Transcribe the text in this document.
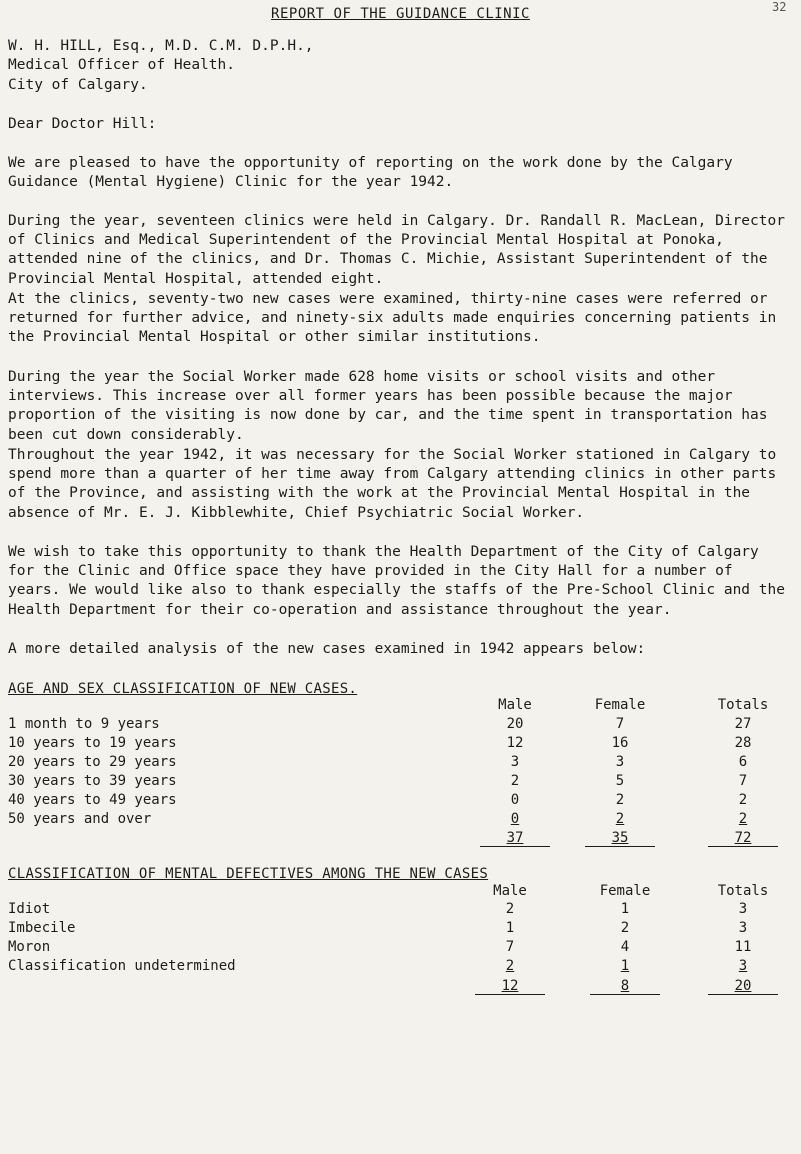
REPORT OF THE GUIDANCE CLINIC	32
W. H. HILL, Esq., M.D. C.M. D.P.H.,
Medical Officer of Health.
City of Calgary.
Dear Doctor Hill:

We are pleased to have the opportunity of reporting on the work done by the Calgary Guidance (Mental Hygiene) Clinic for the year 1942.

During the year, seventeen clinics were held in Calgary. Dr. Randall R. MacLean, Director of Clinics and Medical Superintendent of the Provincial Mental Hospital at Ponoka, attended nine of the clinics, and Dr. Thomas C. Michie, Assistant Superintendent of the Provincial Mental Hospital, attended eight.

At the clinics, seventy-two new cases were examined, thirty-nine cases were referred or returned for further advice, and ninety-six adults made enquiries concerning patients in the Provincial Mental Hospital or other similar institutions.

During the year the Social Worker made 628 home visits or school visits and other interviews. This increase over all former years has been possible because the major proportion of the visiting is now done by car, and the time spent in transportation has been cut down considerably.

Throughout the year 1942, it was necessary for the Social Worker stationed in Calgary to spend more than a quarter of her time away from Calgary attending clinics in other parts of the Province, and assisting with the work at the Provincial Mental Hospital in the absence of Mr. E. J. Kibblewhite, Chief Psychiatric Social Worker.

We wish to take this opportunity to thank the Health Department of the City of Calgary for the Clinic and Office space they have provided in the City Hall for a number of years. We would like also to thank especially the staffs of the Pre-School Clinic and the Health Department for their co-operation and assistance throughout the year.

A more detailed analysis of the new cases examined in 1942 appears below:

AGE AND SEX CLASSIFICATION OF NEW CASES.
Male	Female	Totals
1 month to 9 years	20	7	27
10 years to 19 years	12	16	28
20 years to 29 years	3	3	6
30 years to 39 years	2	5	7
40 years to 49 years	0	2	2
50 years and over	0	2	2
37	35	72
CLASSIFICATION OF MENTAL DEFECTIVES AMONG THE NEW CASES
Male	Female	Totals
Idiot	2	1	3
Imbecile	1	2	3
Moron	7	4	11
Classification undetermined	2	1	3
12	8	20
